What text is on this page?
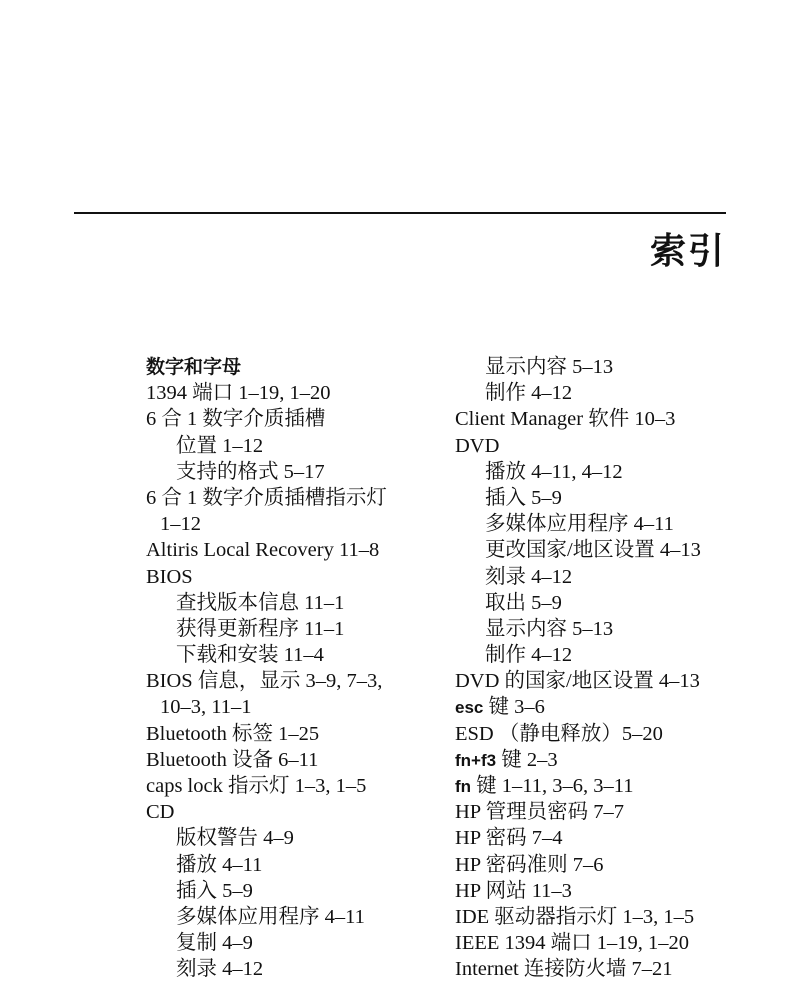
索引
数字和字母
1394 端口 1–19, 1–20
6 合 1 数字介质插槽
位置 1–12
支持的格式 5–17
6 合 1 数字介质插槽指示灯
1–12
Altiris Local Recovery 11–8
BIOS
查找版本信息 11–1
获得更新程序 11–1
下载和安装 11–4
BIOS 信息，显示 3–9, 7–3,
10–3, 11–1
Bluetooth 标签 1–25
Bluetooth 设备 6–11
caps lock 指示灯 1–3, 1–5
CD
版权警告 4–9
播放 4–11
插入 5–9
多媒体应用程序 4–11
复制 4–9
刻录 4–12
显示内容 5–13
制作 4–12
Client Manager 软件 10–3
DVD
播放 4–11, 4–12
插入 5–9
多媒体应用程序 4–11
更改国家/地区设置 4–13
刻录 4–12
取出 5–9
显示内容 5–13
制作 4–12
DVD 的国家/地区设置 4–13
esc 键 3–6
ESD （静电释放）5–20
fn+f3 键 2–3
fn 键 1–11, 3–6, 3–11
HP 管理员密码 7–7
HP 密码 7–4
HP 密码准则 7–6
HP 网站 11–3
IDE 驱动器指示灯 1–3, 1–5
IEEE 1394 端口 1–19, 1–20
Internet 连接防火墙 7–21
